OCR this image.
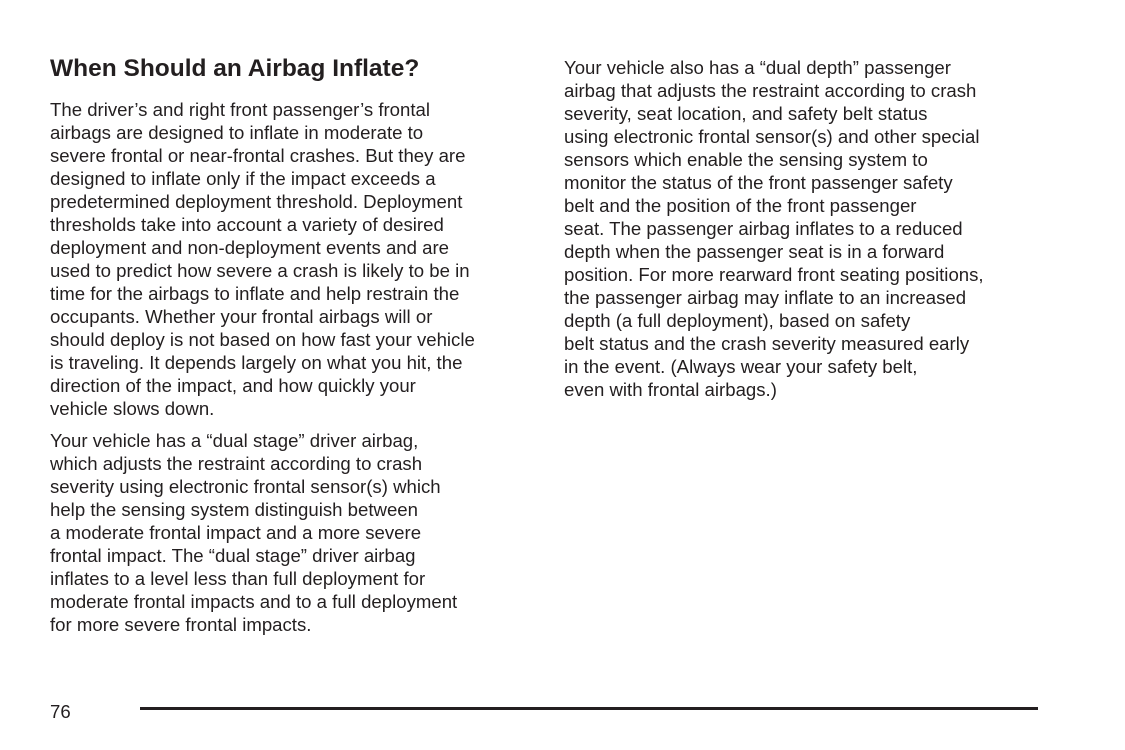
When Should an Airbag Inflate?

The driver’s and right front passenger’s frontal
airbags are designed to inflate in moderate to
severe frontal or near-frontal crashes. But they are
designed to inflate only if the impact exceeds a
predetermined deployment threshold. Deployment
thresholds take into account a variety of desired
deployment and non-deployment events and are
used to predict how severe a crash is likely to be in
time for the airbags to inflate and help restrain the
occupants. Whether your frontal airbags will or
should deploy is not based on how fast your vehicle
is traveling. It depends largely on what you hit, the
direction of the impact, and how quickly your
vehicle slows down.

Your vehicle has a “dual stage” driver airbag,
which adjusts the restraint according to crash
severity using electronic frontal sensor(s) which
help the sensing system distinguish between
a moderate frontal impact and a more severe
frontal impact. The “dual stage” driver airbag
inflates to a level less than full deployment for
moderate frontal impacts and to a full deployment
for more severe frontal impacts.

Your vehicle also has a “dual depth” passenger
airbag that adjusts the restraint according to crash
severity, seat location, and safety belt status
using electronic frontal sensor(s) and other special
sensors which enable the sensing system to
monitor the status of the front passenger safety
belt and the position of the front passenger
seat. The passenger airbag inflates to a reduced
depth when the passenger seat is in a forward
position. For more rearward front seating positions,
the passenger airbag may inflate to an increased
depth (a full deployment), based on safety
belt status and the crash severity measured early
in the event. (Always wear your safety belt,
even with frontal airbags.)

76
